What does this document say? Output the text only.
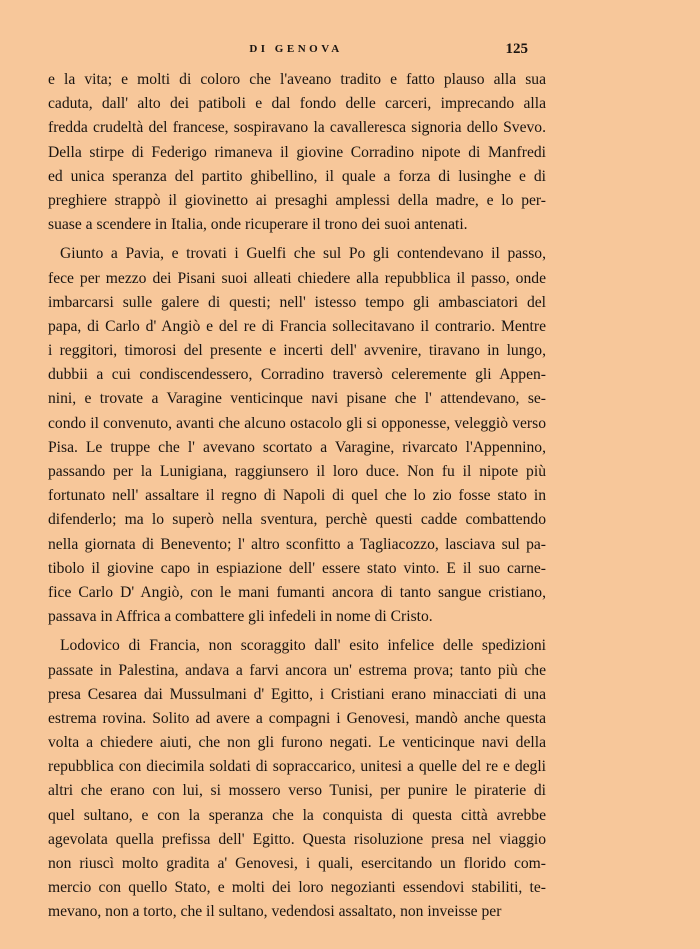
DI GENOVA	125
e la vita; e molti di coloro che l'aveano tradito e fatto plauso alla sua
caduta, dall' alto dei patiboli e dal fondo delle carceri, imprecando alla
fredda crudeltà del francese, sospiravano la cavalleresca signoria dello Svevo.
Della stirpe di Federigo rimaneva il giovine Corradino nipote di Manfredi
ed unica speranza del partito ghibellino, il quale a forza di lusinghe e di
preghiere strappò il giovinetto ai presaghi amplessi della madre, e lo per-
suase a scendere in Italia, onde ricuperare il trono dei suoi antenati.
Giunto a Pavia, e trovati i Guelfi che sul Po gli contendevano il passo,
fece per mezzo dei Pisani suoi alleati chiedere alla repubblica il passo, onde
imbarcarsi sulle galere di questi; nell' istesso tempo gli ambasciatori del
papa, di Carlo d' Angiò e del re di Francia sollecitavano il contrario. Mentre
i reggitori, timorosi del presente e incerti dell' avvenire, tiravano in lungo,
dubbii a cui condiscendessero, Corradino traversò celeremente gli Appen-
nini, e trovate a Varagine venticinque navi pisane che l' attendevano, se-
condo il convenuto, avanti che alcuno ostacolo gli si opponesse, veleggiò verso
Pisa. Le truppe che l' avevano scortato a Varagine, rivarcato l'Appennino,
passando per la Lunigiana, raggiunsero il loro duce. Non fu il nipote più
fortunato nell' assaltare il regno di Napoli di quel che lo zio fosse stato in
difenderlo; ma lo superò nella sventura, perchè questi cadde combattendo
nella giornata di Benevento; l' altro sconfitto a Tagliacozzo, lasciava sul pa-
tibolo il giovine capo in espiazione dell' essere stato vinto. E il suo carne-
fice Carlo D' Angiò, con le mani fumanti ancora di tanto sangue cristiano,
passava in Affrica a combattere gli infedeli in nome di Cristo.
Lodovico di Francia, non scoraggito dall' esito infelice delle spedizioni
passate in Palestina, andava a farvi ancora un' estrema prova; tanto più che
presa Cesarea dai Mussulmani d' Egitto, i Cristiani erano minacciati di una
estrema rovina. Solito ad avere a compagni i Genovesi, mandò anche questa
volta a chiedere aiuti, che non gli furono negati. Le venticinque navi della
repubblica con diecimila soldati di sopraccarico, unitesi a quelle del re e degli
altri che erano con lui, si mossero verso Tunisi, per punire le piraterie di
quel sultano, e con la speranza che la conquista di questa città avrebbe
agevolata quella prefissa dell' Egitto. Questa risoluzione presa nel viaggio
non riuscì molto gradita a' Genovesi, i quali, esercitando un florido com-
mercio con quello Stato, e molti dei loro negozianti essendovi stabiliti, te-
mevano, non a torto, che il sultano, vedendosi assaltato, non inveisse per
